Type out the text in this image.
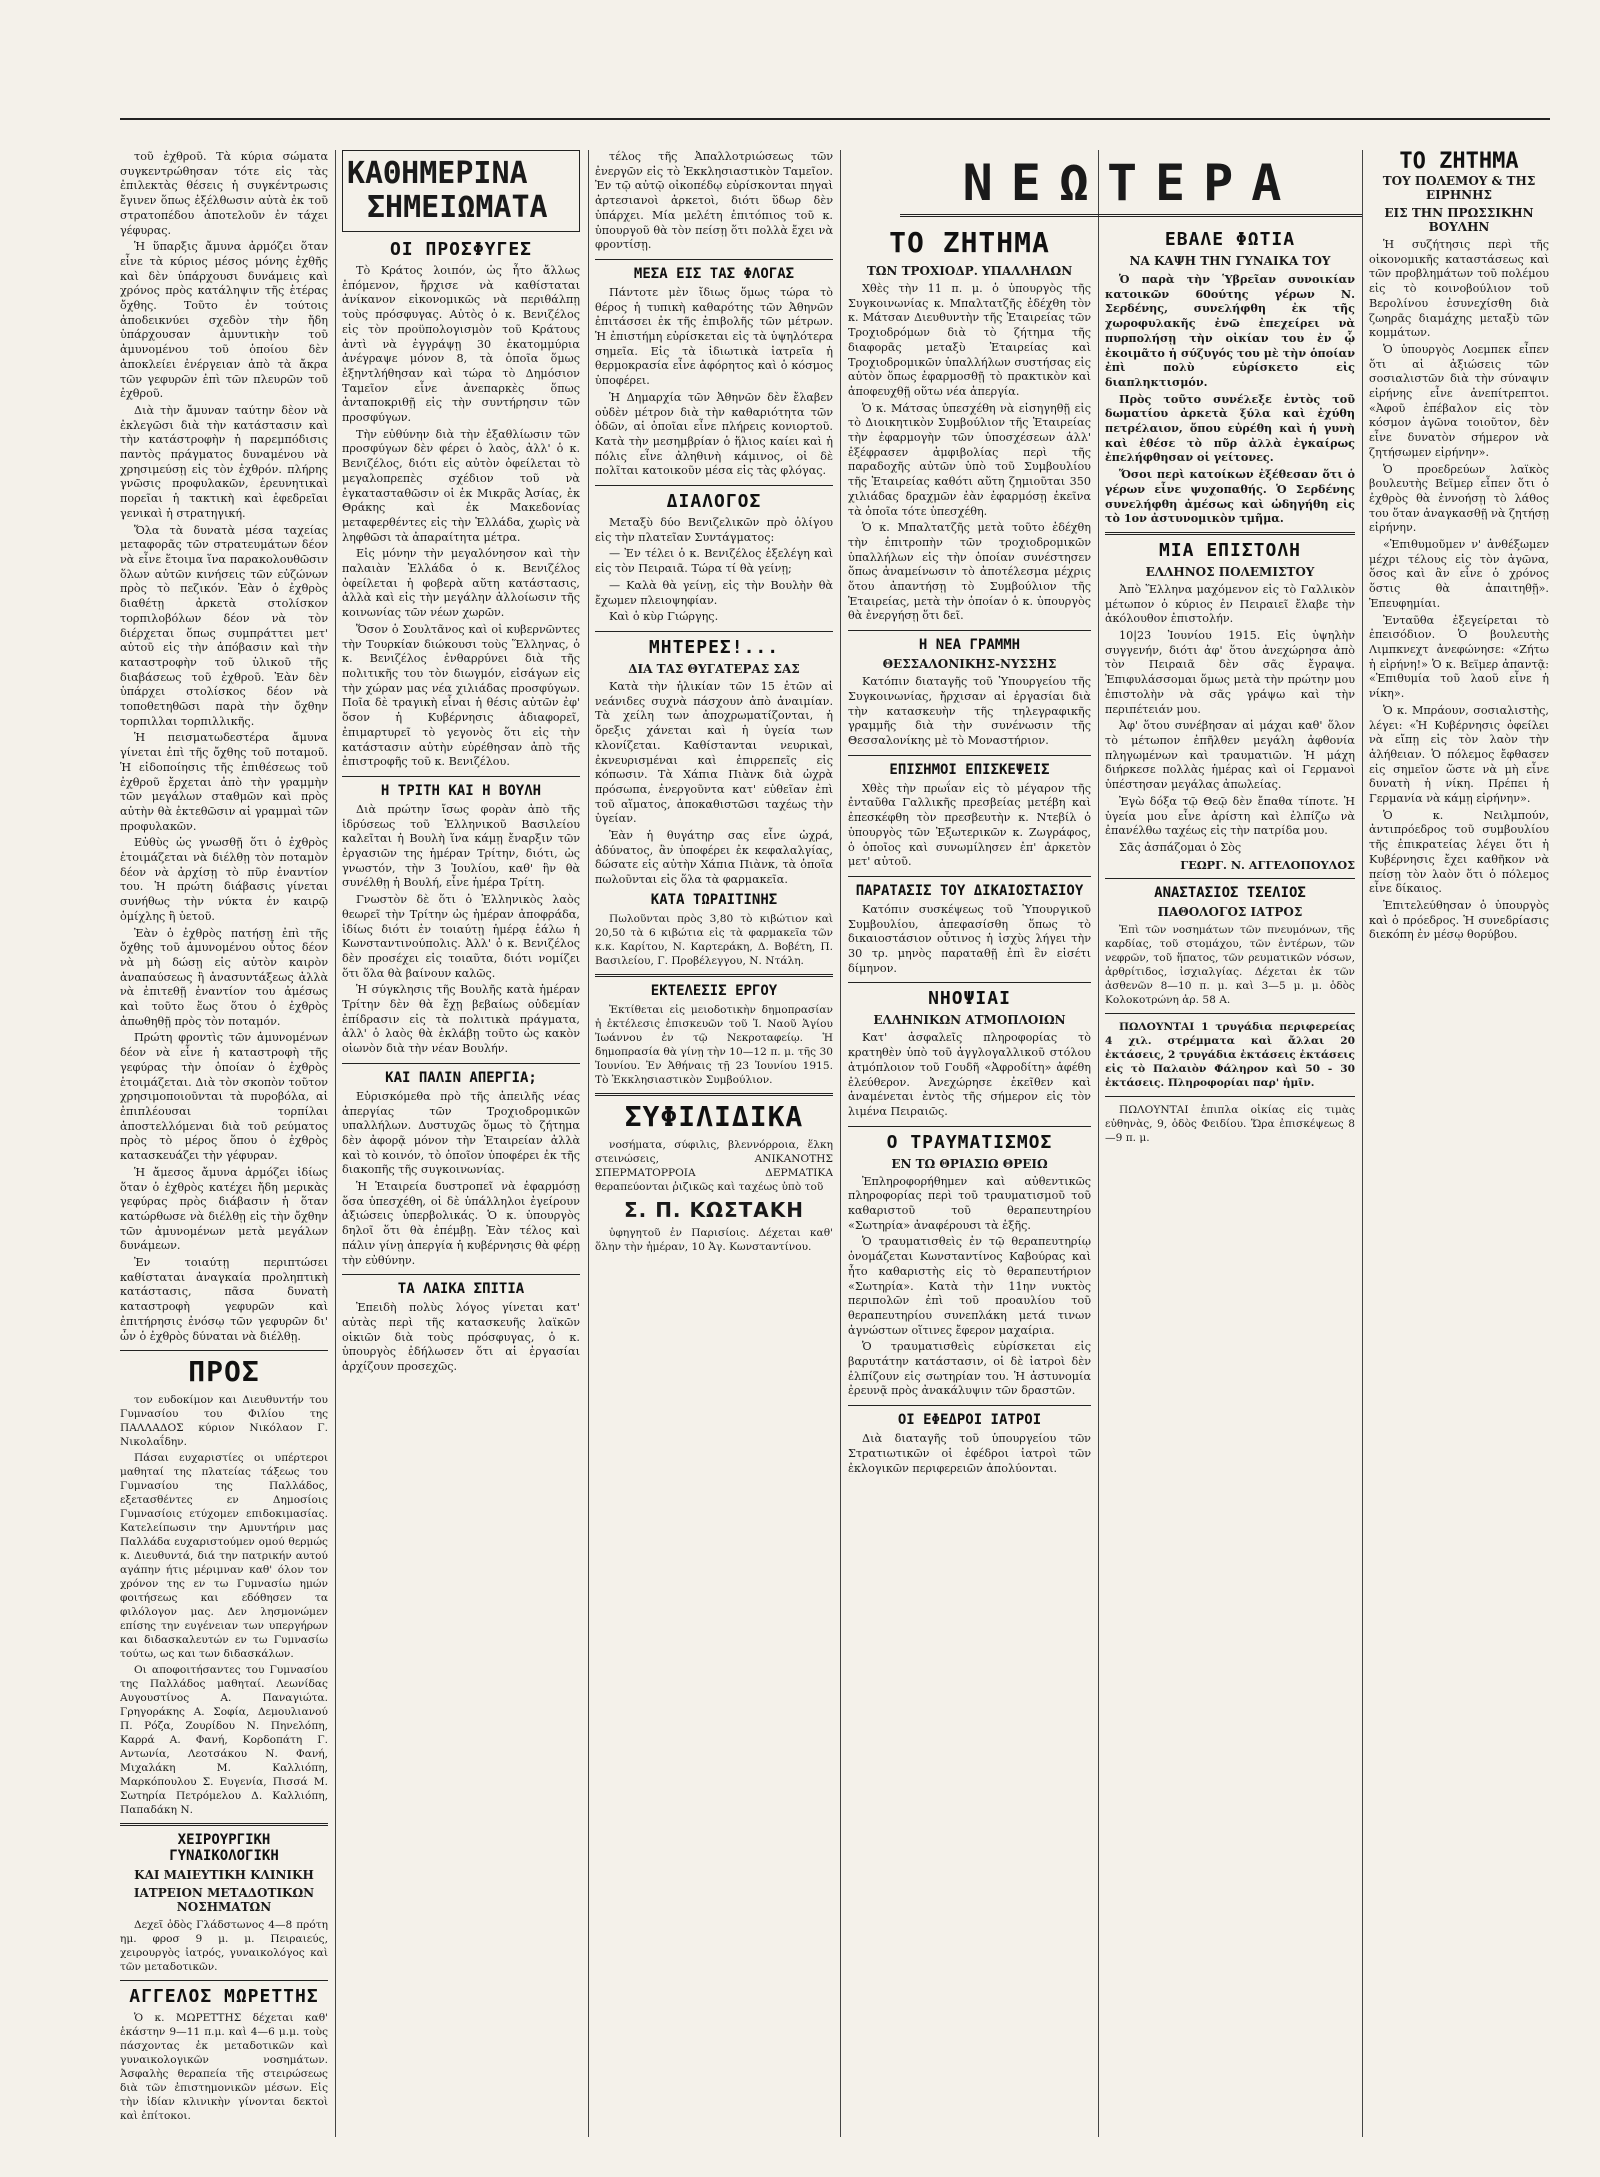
τοῦ ἐχθροῦ. Τὰ κύρια σώματα συγκεντρώθησαν τότε εἰς τὰς ἐπιλεκτὰς θέσεις ἡ συγκέντρωσις ἔγινεν ὅπως ἐξέλθωσιν αὐτὰ ἐκ τοῦ στρατοπέδου ἀποτελοῦν ἐν τάχει γέφυρας.

Ἡ ὕπαρξις ἄμυνα ἀρμόζει ὅταν εἶνε τὰ κύριος μέσος μόνης ἐχθῆς καὶ δὲν ὑπάρχουσι δυνάμεις καὶ χρόνος πρὸς κατάληψιν τῆς ἑτέρας ὄχθης. Τοῦτο ἐν τούτοις ἀποδεικνύει σχεδὸν τὴν ἤδη ὑπάρχουσαν ἀμυντικὴν τοῦ ἀμυνομένου τοῦ ὁποίου δὲν ἀποκλείει ἐνέργειαν ἀπὸ τὰ ἄκρα τῶν γεφυρῶν ἐπὶ τῶν πλευρῶν τοῦ ἐχθροῦ.

Διὰ τὴν ἄμυναν ταύτην δὲον νὰ ἐκλεγῶσι διὰ τὴν κατάστασιν καὶ τὴν κατάστροφὴν ἡ παρεμπόδισις παντὸς πράγματος δυναμένου νὰ χρησιμεύσῃ εἰς τὸν ἐχθρόν. πλήρης γνῶσις προφυλακῶν, ἐρευνητικαὶ πορεῖαι ἡ τακτικὴ καὶ ἐφεδρεῖαι γενικαὶ ἡ στρατηγική.

Ὅλα τὰ δυνατὰ μέσα ταχείας μεταφορᾶς τῶν στρατευμάτων δέον νὰ εἶνε ἕτοιμα ἵνα παρακολουθῶσιν ὅλων αὐτῶν κινήσεις τῶν εὐζώνων πρὸς τὸ πεζικόν. Ἐὰν ὁ ἐχθρὸς διαθέτῃ ἀρκετὰ στολίσκον τορπιλοβόλων δέον νὰ τὸν διέρχεται ὅπως συμπράττει μετ' αὐτοῦ εἰς τὴν ἀπόβασιν καὶ τὴν καταστροφὴν τοῦ ὑλικοῦ τῆς διαβάσεως τοῦ ἐχθροῦ. Ἐὰν δὲν ὑπάρχει στολίσκος δέον νὰ τοποθετηθῶσι παρὰ τὴν ὄχθην τορπιλλαι τορπιλλικῆς.

Ἡ πεισματωδεστέρα ἄμυνα γίνεται ἐπὶ τῆς ὄχθης τοῦ ποταμοῦ. Ἡ εἰδοποίησις τῆς ἐπιθέσεως τοῦ ἐχθροῦ ἔρχεται ἀπὸ τὴν γραμμὴν τῶν μεγάλων σταθμῶν καὶ πρὸς αὐτὴν θὰ ἐκτεθῶσιν αἱ γραμμαὶ τῶν προφυλακῶν.

Εὐθὺς ὡς γνωσθῇ ὅτι ὁ ἐχθρὸς ἑτοιμάζεται νὰ διέλθῃ τὸν ποταμὸν δέον νὰ ἀρχίσῃ τὸ πῦρ ἐναντίον του. Ἡ πρώτη διάβασις γίνεται συνήθως τὴν νύκτα ἐν καιρῷ ὁμίχλης ἢ ὑετοῦ.

Ἐὰν ὁ ἐχθρὸς πατήσῃ ἐπὶ τῆς ὄχθης τοῦ ἀμυνομένου οὗτος δέον νὰ μὴ δώσῃ εἰς αὐτὸν καιρὸν ἀναπαύσεως ἢ ἀνασυντάξεως ἀλλὰ νὰ ἐπιτεθῇ ἐναντίον του ἀμέσως καὶ τοῦτο ἕως ὅτου ὁ ἐχθρὸς ἀπωθηθῇ πρὸς τὸν ποταμόν.

Πρώτη φροντὶς τῶν ἀμυνομένων δέον νὰ εἶνε ἡ καταστροφὴ τῆς γεφύρας τὴν ὁποίαν ὁ ἐχθρὸς ἑτοιμάζεται. Διὰ τὸν σκοπὸν τοῦτον χρησιμοποιοῦνται τὰ πυροβόλα, αἱ ἐπιπλέουσαι τορπίλαι ἀποστελλόμεναι διὰ τοῦ ρεύματος πρὸς τὸ μέρος ὅπου ὁ ἐχθρὸς κατασκευάζει τὴν γέφυραν.

Ἡ ἄμεσος ἄμυνα ἀρμόζει ἰδίως ὅταν ὁ ἐχθρὸς κατέχει ἤδη μερικὰς γεφύρας πρὸς διάβασιν ἡ ὅταν κατώρθωσε νὰ διέλθῃ εἰς τὴν ὄχθην τῶν ἀμυνομένων μετὰ μεγάλων δυνάμεων.

Ἐν τοιαύτῃ περιπτώσει καθίσταται ἀναγκαία προληπτικὴ κατάστασις, πᾶσα δυνατὴ καταστροφὴ γεφυρῶν καὶ ἐπιτήρησις ἐνόσῳ τῶν γεφυρῶν δι' ὧν ὁ ἐχθρὸς δύναται νὰ διέλθῃ.

ΠΡΟΣ

τον ευδοκίμον και Διευθυντήν του Γυμνασίου του Φιλίου της ΠΑΛΛΑΔΟΣ κύριον Νικόλαον Γ. Νικολαΐδην.

Πάσαι ευχαριστίες οι υπέρτεροι μαθηταί της πλατείας τάξεως του Γυμνασίου της Παλλάδος, εξετασθέντες εν Δημοσίοις Γυμνασίοις ετύχομεν επιδοκιμασίας. Κατελείπωσιν την Αμυντήριν μας Παλλάδα ευχαριστούμεν ομού θερμώς κ. Διευθυντά, διά την πατρικήν αυτού αγάπην ήτις μέριμναν καθ' όλον τον χρόνον της εν τω Γυμνασίω ημών φοιτήσεως και εδόθησεν τα φιλόλογον μας. Δεν λησμονώμεν επίσης την ευγένειαν των υπεργήρων και διδασκαλευτών εν τω Γυμνασίω τούτω, ως και των διδασκάλων.

Οι αποφοιτήσαντες του Γυμνασίου της Παλλάδος μαθηταί. Λεωνίδας Αυγουστίνος Α. Παναγιώτα. Γρηγοράκης Α. Σοφία, Δεμουλιανού Π. Ρόζα, Ζουρίδου Ν. Πηνελόπη, Καρρά Α. Φανή, Κορδοπάτη Γ. Αντωνία, Λεοτσάκου Ν. Φανή, Μιχαλάκη Μ. Καλλιόπη, Μαρκόπουλου Σ. Ευγενία, Πισσά Μ. Σωτηρία Πετρόμελου Δ. Καλλιόπη, Παπαδάκη Ν.

ΧΕΙΡΟΥΡΓΙΚΗ ΓΥΝΑΙΚΟΛΟΓΙΚΗ
ΚΑΙ ΜΑΙΕΥΤΙΚΗ ΚΛΙΝΙΚΗ
ΙΑΤΡΕΙΟΝ ΜΕΤΑΔΟΤΙΚΩΝ ΝΟΣΗΜΑΤΩΝ

Δεχεῖ ὁδὸς Γλάδστωνος 4—8 πρότη ημ. φροσ 9 μ. μ. Πειραιεύς, χειρουργὸς ἰατρός, γυναικολόγος καὶ τῶν μεταδοτικῶν.

ΑΓΓΕΛΟΣ ΜΩΡΕΤΤΗΣ

Ὁ κ. ΜΩΡΕΤΤΗΣ δέχεται καθ' ἑκάστην 9—11 π.μ. καὶ 4—6 μ.μ. τοὺς πάσχοντας ἐκ μεταδοτικῶν καὶ γυναικολογικῶν νοσημάτων. Ἀσφαλὴς θεραπεία τῆς στειρώσεως διὰ τῶν ἐπιστημονικῶν μέσων. Εἰς τὴν ἰδίαν κλινικὴν γίνονται δεκτοὶ καὶ ἐπίτοκοι.

ΚΑΘΗΜΕΡΙΝΑ
ΣΗΜΕΙΩΜΑΤΑ
ΟΙ ΠΡΟΣΦΥΓΕΣ

Τὸ Κράτος λοιπόν, ὡς ἦτο ἄλλως ἑπόμενον, ἤρχισε νὰ καθίσταται ἀνίκανον εἰκονομικῶς νὰ περιθάλπῃ τοὺς πρόσφυγας. Αὐτὸς ὁ κ. Βενιζέλος εἰς τὸν προϋπολογισμὸν τοῦ Κράτους ἀντὶ νὰ ἐγγράψῃ 30 ἑκατομμύρια ἀνέγραψε μόνον 8, τὰ ὁποῖα ὅμως ἐξηντλήθησαν καὶ τώρα τὸ Δημόσιον Ταμεῖον εἶνε ἀνεπαρκὲς ὅπως ἀνταποκριθῇ εἰς τὴν συντήρησιν τῶν προσφύγων.

Τὴν εὐθύνην διὰ τὴν ἐξαθλίωσιν τῶν προσφύγων δὲν φέρει ὁ λαὸς, ἀλλ' ὁ κ. Βενιζέλος, διότι εἰς αὐτὸν ὀφείλεται τὸ μεγαλοπρεπὲς σχέδιον τοῦ νὰ ἐγκατασταθῶσιν οἱ ἐκ Μικρᾶς Ἀσίας, ἐκ Θράκης καὶ ἐκ Μακεδονίας μεταφερθέντες εἰς τὴν Ἑλλάδα, χωρὶς νὰ ληφθῶσι τὰ ἀπαραίτητα μέτρα.

Εἰς μόνην τὴν μεγαλόνησον καὶ τὴν παλαιὰν Ἑλλάδα ὁ κ. Βενιζέλος ὀφείλεται ἡ φοβερὰ αὕτη κατάστασις, ἀλλὰ καὶ εἰς τὴν μεγάλην ἀλλοίωσιν τῆς κοινωνίας τῶν νέων χωρῶν.

Ὅσον ὁ Σουλτᾶνος καὶ οἱ κυβερνῶντες τὴν Τουρκίαν διώκουσι τοὺς Ἕλληνας, ὁ κ. Βενιζέλος ἐνθαρρύνει διὰ τῆς πολιτικῆς του τὸν διωγμόν, εἰσάγων εἰς τὴν χώραν μας νέα χιλιάδας προσφύγων. Ποῖα δὲ τραγικὴ εἶναι ἡ θέσις αὐτῶν ἐφ' ὅσον ἡ Κυβέρνησις ἀδιαφορεῖ, ἐπιμαρτυρεῖ τὸ γεγονὸς ὅτι εἰς τὴν κατάστασιν αὐτὴν εὑρέθησαν ἀπὸ τῆς ἐπιστροφῆς τοῦ κ. Βενιζέλου.

Η ΤΡΙΤΗ ΚΑΙ Η ΒΟΥΛΗ

Διὰ πρώτην ἴσως φορὰν ἀπὸ τῆς ἱδρύσεως τοῦ Ἑλληνικοῦ Βασιλείου καλεῖται ἡ Βουλὴ ἵνα κάμῃ ἔναρξιν τῶν ἐργασιῶν της ἡμέραν Τρίτην, διότι, ὡς γνωστόν, τὴν 3 Ἰουλίου, καθ' ἣν θὰ συνέλθῃ ἡ Βουλή, εἶνε ἡμέρα Τρίτη.

Γνωστὸν δὲ ὅτι ὁ Ἑλληνικὸς λαὸς θεωρεῖ τὴν Τρίτην ὡς ἡμέραν ἀποφράδα, ἰδίως διότι ἐν τοιαύτῃ ἡμέρᾳ ἑάλω ἡ Κωνσταντινούπολις. Ἀλλ' ὁ κ. Βενιζέλος δὲν προσέχει εἰς τοιαῦτα, διότι νομίζει ὅτι ὅλα θὰ βαίνουν καλῶς.

Ἡ σύγκλησις τῆς Βουλῆς κατὰ ἡμέραν Τρίτην δὲν θὰ ἔχῃ βεβαίως οὐδεμίαν ἐπίδρασιν εἰς τὰ πολιτικὰ πράγματα, ἀλλ' ὁ λαὸς θὰ ἐκλάβῃ τοῦτο ὡς κακὸν οἰωνὸν διὰ τὴν νέαν Βουλήν.

ΚΑΙ ΠΑΛΙΝ ΑΠΕΡΓΙΑ;

Εὑρισκόμεθα πρὸ τῆς ἀπειλῆς νέας ἀπεργίας τῶν Τροχιοδρομικῶν υπαλλήλων. Δυστυχῶς ὅμως τὸ ζήτημα δὲν ἀφορᾷ μόνον τὴν Ἑταιρείαν ἀλλὰ καὶ τὸ κοινόν, τὸ ὁποῖον ὑποφέρει ἐκ τῆς διακοπῆς τῆς συγκοινωνίας.

Ἡ Ἑταιρεία δυστροπεῖ νὰ ἐφαρμόσῃ ὅσα ὑπεσχέθη, οἱ δὲ ὑπάλληλοι ἐγείρουν ἀξιώσεις ὑπερβολικάς. Ὁ κ. ὑπουργὸς δηλοῖ ὅτι θὰ ἐπέμβῃ. Ἐὰν τέλος καὶ πάλιν γίνῃ ἀπεργία ἡ κυβέρνησις θὰ φέρῃ τὴν εὐθύνην.

ΤΑ ΛΑΙΚΑ ΣΠΙΤΙΑ

Ἐπειδὴ πολὺς λόγος γίνεται κατ' αὐτὰς περὶ τῆς κατασκευῆς λαϊκῶν οἰκιῶν διὰ τοὺς πρόσφυγας, ὁ κ. ὑπουργὸς ἐδήλωσεν ὅτι αἱ ἐργασίαι ἀρχίζουν προσεχῶς.

τέλος τῆς Ἀπαλλοτριώσεως τῶν ἐνεργῶν εἰς τὸ Ἐκκλησιαστικὸν Ταμεῖον. Ἐν τῷ αὐτῷ οἰκοπέδῳ εὑρίσκονται πηγαὶ ἀρτεσιανοὶ ἀρκετοὶ, διότι ὕδωρ δὲν ὑπάρχει. Μία μελέτη ἐπιτόπιος τοῦ κ. ὑπουργοῦ θὰ τὸν πείσῃ ὅτι πολλὰ ἔχει νὰ φροντίσῃ.

ΜΕΣΑ ΕΙΣ ΤΑΣ ΦΛΟΓΑΣ

Πάντοτε μὲν ἴδιως ὅμως τώρα τὸ θέρος ἡ τυπικὴ καθαρότης τῶν Ἀθηνῶν ἐπιτάσσει ἐκ τῆς ἐπιβολῆς τῶν μέτρων. Ἡ ἐπιστήμη εὑρίσκεται εἰς τὰ ὑψηλότερα σημεῖα. Εἰς τὰ ἰδιωτικὰ ἰατρεῖα ἡ θερμοκρασία εἶνε ἀφόρητος καὶ ὁ κόσμος ὑποφέρει.

Ἡ Δημαρχία τῶν Ἀθηνῶν δὲν ἔλαβεν οὐδὲν μέτρον διὰ τὴν καθαριότητα τῶν ὁδῶν, αἱ ὁποῖαι εἶνε πλήρεις κονιορτοῦ. Κατὰ τὴν μεσημβρίαν ὁ ἥλιος καίει καὶ ἡ πόλις εἶνε ἀληθινὴ κάμινος, οἱ δὲ πολῖται κατοικοῦν μέσα εἰς τὰς φλόγας.

ΔΙΑΛΟΓΟΣ

Μεταξὺ δύο Βενιζελικῶν πρὸ ὀλίγου εἰς τὴν πλατεῖαν Συντάγματος:

— Ἐν τέλει ὁ κ. Βενιζέλος ἐξελέγη καὶ εἰς τὸν Πειραιᾶ. Τώρα τί θὰ γείνῃ;

— Καλὰ θὰ γείνῃ, εἰς τὴν Βουλὴν θὰ ἔχωμεν πλειοψηφίαν.

Καὶ ὁ κὺρ Γιώργης.

ΜΗΤΕΡΕΣ!...
ΔΙΑ ΤΑΣ ΘΥΓΑΤΕΡΑΣ ΣΑΣ

Κατὰ τὴν ἡλικίαν τῶν 15 ἐτῶν αἱ νεάνιδες συχνὰ πάσχουν ἀπὸ ἀναιμίαν. Τὰ χείλη των ἀποχρωματίζονται, ἡ ὄρεξις χάνεται καὶ ἡ ὑγεία των κλονίζεται. Καθίστανται νευρικαὶ, ἐκνευρισμέναι καὶ ἐπιρρεπεῖς εἰς κόπωσιν. Τὰ Χάπια Πιὰνκ διὰ ὠχρὰ πρόσωπα, ἐνεργοῦντα κατ' εὐθεῖαν ἐπὶ τοῦ αἵματος, ἀποκαθιστῶσι ταχέως τὴν ὑγείαν.

Ἐὰν ἡ θυγάτηρ σας εἶνε ὠχρά, ἀδύνατος, ἂν ὑποφέρει ἐκ κεφαλαλγίας, δώσατε εἰς αὐτὴν Χάπια Πιὰνκ, τὰ ὁποῖα πωλοῦνται εἰς ὅλα τὰ φαρμακεῖα.

ΚΑΤΑ ΤΩΡΑΙΤΙΝΗΣ

Πωλοῦνται πρὸς 3,80 τὸ κιβώτιον καὶ 20,50 τὰ 6 κιβώτια εἰς τὰ φαρμακεῖα τῶν κ.κ. Καρίτου, Ν. Καρτεράκη, Δ. Βοβέτη, Π. Βασιλείου, Γ. Προβέλεγγου, Ν. Ντάλη.

ΕΚΤΕΛΕΣΙΣ ΕΡΓΟΥ

Ἐκτίθεται εἰς μειοδοτικὴν δημοπρασίαν ἡ ἐκτέλεσις ἐπισκευῶν τοῦ Ἱ. Ναοῦ Ἁγίου Ἰωάννου ἐν τῷ Νεκροταφείῳ. Ἡ δημοπρασία θὰ γίνῃ τὴν 10—12 π. μ. τῆς 30 Ἰουνίου. Ἐν Ἀθήναις τῇ 23 Ἰουνίου 1915. Τὸ Ἐκκλησιαστικὸν Συμβούλιον.

ΣΥΦΙΛΙΔΙΚΑ

νοσήματα, σύφιλις, βλεννόρροια, ἕλκη στεινώσεις, ΑΝΙΚΑΝΟΤΗΣ ΣΠΕΡΜΑΤΟΡΡΟΙΑ ΔΕΡΜΑΤΙΚΑ θεραπεύονται ῥιζικῶς καὶ ταχέως ὑπὸ τοῦ

Σ. Π. ΚΩΣΤΑΚΗ

ὑφηγητοῦ ἐν Παρισίοις. Δέχεται καθ' ὅλην τὴν ἡμέραν, 10 Ἀγ. Κωνσταντίνου.

ΝΕΩΤΕΡΑ
ΤΟ ΖΗΤΗΜΑ
ΤΩΝ ΤΡΟΧΙΟΔΡ. ΥΠΑΛΛΗΛΩΝ

Χθὲς τὴν 11 π. μ. ὁ ὑπουργὸς τῆς Συγκοινωνίας κ. Μπαλτατζῆς ἐδέχθη τὸν κ. Μάτσαν Διευθυντὴν τῆς Ἑταιρείας τῶν Τροχιοδρόμων διὰ τὸ ζήτημα τῆς διαφορᾶς μεταξὺ Ἑταιρείας καὶ Τροχιοδρομικῶν ὑπαλλήλων συστήσας εἰς αὐτὸν ὅπως ἐφαρμοσθῇ τὸ πρακτικὸν καὶ ἀποφευχθῇ οὕτω νέα ἀπεργία.

Ὁ κ. Μάτσας ὑπεσχέθη νὰ εἰσηγηθῇ εἰς τὸ Διοικητικὸν Συμβούλιον τῆς Ἑταιρείας τὴν ἐφαρμογὴν τῶν ὑποσχέσεων ἀλλ' ἐξέφρασεν ἀμφιβολίας περὶ τῆς παραδοχῆς αὐτῶν ὑπὸ τοῦ Συμβουλίου τῆς Ἑταιρείας καθότι αὕτη ζημιοῦται 350 χιλιάδας δραχμῶν ἐὰν ἐφαρμόσῃ ἐκεῖνα τὰ ὁποῖα τότε ὑπεσχέθη.

Ὁ κ. Μπαλτατζῆς μετὰ τοῦτο ἐδέχθη τὴν ἐπιτροπὴν τῶν τροχιοδρομικῶν ὑπαλλήλων εἰς τὴν ὁποίαν συνέστησεν ὅπως ἀναμείνωσιν τὸ ἀποτέλεσμα μέχρις ὅτου ἀπαντήσῃ τὸ Συμβούλιον τῆς Ἑταιρείας, μετὰ τὴν ὁποίαν ὁ κ. ὑπουργὸς θὰ ἐνεργήσῃ ὅτι δεῖ.

Η ΝΕΑ ΓΡΑΜΜΗ
ΘΕΣΣΑΛΟΝΙΚΗΣ-ΝΥΣΣΗΣ

Κατόπιν διαταγῆς τοῦ Ὑπουργείου τῆς Συγκοινωνίας, ἤρχισαν αἱ ἐργασίαι διὰ τὴν κατασκευὴν τῆς τηλεγραφικῆς γραμμῆς διὰ τὴν συνένωσιν τῆς Θεσσαλονίκης μὲ τὸ Μοναστήριον.

ΕΠΙΣΗΜΟΙ ΕΠΙΣΚΕΨΕΙΣ

Χθὲς τὴν πρωΐαν εἰς τὸ μέγαρον τῆς ἐνταῦθα Γαλλικῆς πρεσβείας μετέβη καὶ ἐπεσκέφθη τὸν πρεσβευτὴν κ. Ντεβίλ ὁ ὑπουργὸς τῶν Ἐξωτερικῶν κ. Ζωγράφος, ὁ ὁποῖος καὶ συνωμίλησεν ἐπ' ἀρκετὸν μετ' αὐτοῦ.

ΠΑΡΑΤΑΣΙΣ ΤΟΥ ΔΙΚΑΙΟΣΤΑΣΙΟΥ

Κατόπιν συσκέψεως τοῦ Ὑπουργικοῦ Συμβουλίου, ἀπεφασίσθη ὅπως τὸ δικαιοστάσιον οὗτινος ἡ ἰσχὺς λήγει τὴν 30 τρ. μηνὸς παραταθῇ ἐπὶ ἓν εἰσέτι δίμηνον.

ΝΗΟΨΙΑΙ
ΕΛΛΗΝΙΚΩΝ ΑΤΜΟΠΛΟΙΩΝ

Κατ' ἀσφαλεῖς πληροφορίας τὸ κρατηθὲν ὑπὸ τοῦ ἀγγλογαλλικοῦ στόλου ἀτμόπλοιον τοῦ Γουδῆ «Ἀφροδίτη» ἀφέθη ἐλεύθερον. Ἀνεχώρησε ἐκεῖθεν καὶ ἀναμένεται ἐντὸς τῆς σήμερον εἰς τὸν λιμένα Πειραιῶς.

Ο ΤΡΑΥΜΑΤΙΣΜΟΣ
ΕΝ ΤΩ ΘΡΙΑΣΙΩ ΘΡΕΙΩ

Ἐπληροφορήθημεν καὶ αὐθεντικῶς πληροφορίας περὶ τοῦ τραυματισμοῦ τοῦ καθαριστοῦ τοῦ θεραπευτηρίου «Σωτηρία» ἀναφέρουσι τὰ ἑξῆς.

Ὁ τραυματισθεὶς ἐν τῷ θεραπευτηρίῳ ὀνομάζεται Κωνσταντίνος Καβούρας καὶ ἦτο καθαριστὴς εἰς τὸ θεραπευτήριον «Σωτηρία». Κατὰ τὴν 11ην νυκτὸς περιπολῶν ἐπὶ τοῦ προαυλίου τοῦ θεραπευτηρίου συνεπλάκη μετά τινων ἀγνώστων οἵτινες ἔφερον μαχαίρια.

Ὁ τραυματισθεὶς εὑρίσκεται εἰς βαρυτάτην κατάστασιν, οἱ δὲ ἰατροὶ δὲν ἐλπίζουν εἰς σωτηρίαν του. Ἡ ἀστυνομία ἐρευνᾷ πρὸς ἀνακάλυψιν τῶν δραστῶν.

ΟΙ ΕΦΕΔΡΟΙ ΙΑΤΡΟΙ

Διὰ διαταγῆς τοῦ ὑπουργείου τῶν Στρατιωτικῶν οἱ ἐφέδροι ἰατροὶ τῶν ἐκλογικῶν περιφερειῶν ἀπολύονται.

ΕΒΑΛΕ ΦΩΤΙΑ
ΝΑ ΚΑΨΗ ΤΗΝ ΓΥΝΑΙΚΑ ΤΟΥ

Ὁ παρὰ τὴν Ὑβρεῖαν συνοικίαν κατοικῶν 60ούτης γέρων Ν. Σερδένης, συνελήφθη ἐκ τῆς χωροφυλακῆς ἐνῶ ἐπεχείρει νὰ πυρπολήσῃ τὴν οἰκίαν του ἐν ᾧ ἐκοιμᾶτο ἡ σύζυγός του μὲ τὴν ὁποίαν ἐπὶ πολὺ εὑρίσκετο εἰς διαπληκτισμόν.

Πρὸς τοῦτο συνέλεξε ἐντὸς τοῦ δωματίου ἀρκετὰ ξύλα καὶ ἐχύθη πετρέλαιον, ὅπου εὑρέθη καὶ ἡ γυνὴ καὶ ἐθέσε τὸ πῦρ ἀλλὰ ἐγκαίρως ἐπελήφθησαν οἱ γείτονες.

Ὅσοι περὶ κατοίκων ἐξέθεσαν ὅτι ὁ γέρων εἶνε ψυχοπαθής. Ὁ Σερδένης συνελήφθη ἀμέσως καὶ ὡδηγήθη εἰς τὸ 1ον ἀστυνομικὸν τμῆμα.

ΜΙΑ ΕΠΙΣΤΟΛΗ
ΕΛΛΗΝΟΣ ΠΟΛΕΜΙΣΤΟΥ

Ἀπὸ Ἕλληνα μαχόμενον εἰς τὸ Γαλλικὸν μέτωπον ὁ κύριος ἐν Πειραιεῖ ἔλαβε τὴν ἀκόλουθον ἐπιστολήν.

10|23 Ἰουνίου 1915. Εἰς ὑψηλὴν συγγενήν, διότι ἀφ' ὅτου ἀνεχώρησα ἀπὸ τὸν Πειραιᾶ δὲν σᾶς ἔγραψα. Ἐπιφυλάσσομαι ὅμως μετὰ τὴν πρώτην μου ἐπιστολὴν νὰ σᾶς γράψω καὶ τὴν περιπέτειάν μου.

Ἀφ' ὅτου συνέβησαν αἱ μάχαι καθ' ὅλον τὸ μέτωπον ἐπῆλθεν μεγάλη ἀφθονία πληγωμένων καὶ τραυματιῶν. Ἡ μάχη διήρκεσε πολλὰς ἡμέρας καὶ οἱ Γερμανοὶ ὑπέστησαν μεγάλας ἀπωλείας.

Ἐγὼ δόξα τῷ Θεῷ δὲν ἔπαθα τίποτε. Ἡ ὑγεία μου εἶνε ἀρίστη καὶ ἐλπίζω νὰ ἐπανέλθω ταχέως εἰς τὴν πατρίδα μου.

Σᾶς ἀσπάζομαι ὁ Σὸς

ΓΕΩΡΓ. Ν. ΑΓΓΕΛΟΠΟΥΛΟΣ

ΑΝΑΣΤΑΣΙΟΣ ΤΣΕΛΙΟΣ
ΠΑΘΟΛΟΓΟΣ ΙΑΤΡΟΣ

Ἐπὶ τῶν νοσημάτων τῶν πνευμόνων, τῆς καρδίας, τοῦ στομάχου, τῶν ἐντέρων, τῶν νεφρῶν, τοῦ ἥπατος, τῶν ρευματικῶν νόσων, ἀρθρίτιδος, ἰσχιαλγίας. Δέχεται ἐκ τῶν ἀσθενῶν 8—10 π. μ. καὶ 3—5 μ. μ. ὁδὸς Κολοκοτρώνη ἀρ. 58 Α.

ΠΩΛΟΥΝΤΑΙ 1 τρυγάδια περιφερείας 4 χιλ. στρέμματα καὶ ἄλλαι 20 ἐκτάσεις, 2 τρυγάδια ἐκτάσεις ἐκτάσεις εἰς τὸ Παλαιὸν Φάληρον καὶ 50 - 30 ἐκτάσεις. Πληροφορίαι παρ' ἡμῖν.

ΠΩΛΟΥΝΤΑΙ ἐπιπλα οἰκίας εἰς τιμὰς εὐθηνὰς, 9, ὁδὸς Φειδίου. Ὥρα ἐπισκέψεως 8—9 π. μ.

ΤΟ ΖΗΤΗΜΑ
ΤΟΥ ΠΟΛΕΜΟΥ & ΤΗΣ ΕΙΡΗΝΗΣ
ΕΙΣ ΤΗΝ ΠΡΩΣΣΙΚΗΝ ΒΟΥΛΗΝ

Ἡ συζήτησις περὶ τῆς οἰκονομικῆς καταστάσεως καὶ τῶν προβλημάτων τοῦ πολέμου εἰς τὸ κοινοβούλιον τοῦ Βερολίνου ἐσυνεχίσθη διὰ ζωηρᾶς διαμάχης μεταξὺ τῶν κομμάτων.

Ὁ ὑπουργὸς Λοεμπεκ εἶπεν ὅτι αἱ ἀξιώσεις τῶν σοσιαλιστῶν διὰ τὴν σύναψιν εἰρήνης εἶνε ἀνεπίτρεπτοι. «Ἀφοῦ ἐπέβαλον εἰς τὸν κόσμον ἀγῶνα τοιοῦτον, δὲν εἶνε δυνατὸν σήμερον νὰ ζητήσωμεν εἰρήνην».

Ὁ προεδρεύων λαϊκὸς βουλευτὴς Βεϊμερ εἶπεν ὅτι ὁ ἐχθρὸς θὰ ἐννοήσῃ τὸ λάθος του ὅταν ἀναγκασθῇ νὰ ζητήσῃ εἰρήνην.

«Ἐπιθυμοῦμεν ν' ἀνθέξωμεν μέχρι τέλους εἰς τὸν ἀγῶνα, ὅσος καὶ ἂν εἶνε ὁ χρόνος ὅστις θὰ ἀπαιτηθῇ». Ἐπευφημίαι.

Ἐνταῦθα ἐξεγείρεται τὸ ἐπεισόδιον. Ὁ βουλευτὴς Λιμπκνεχτ ἀνεφώνησε: «Ζήτω ἡ εἰρήνη!» Ὁ κ. Βεϊμερ ἀπαντᾷ: «Ἐπιθυμία τοῦ λαοῦ εἶνε ἡ νίκη».

Ὁ κ. Μπράουν, σοσιαλιστὴς, λέγει: «Ἡ Κυβέρνησις ὀφείλει νὰ εἴπῃ εἰς τὸν λαὸν τὴν ἀλήθειαν. Ὁ πόλεμος ἔφθασεν εἰς σημεῖον ὥστε νὰ μὴ εἶνε δυνατὴ ἡ νίκη. Πρέπει ἡ Γερμανία νὰ κάμῃ εἰρήνην».

Ὁ κ. Νειλμπούν, ἀντιπρόεδρος τοῦ συμβουλίου τῆς ἐπικρατείας λέγει ὅτι ἡ Κυβέρνησις ἔχει καθῆκον νὰ πείσῃ τὸν λαὸν ὅτι ὁ πόλεμος εἶνε δίκαιος.

Ἐπιτελεύθησαν ὁ ὑπουργὸς καὶ ὁ πρόεδρος. Ἡ συνεδρίασις διεκόπη ἐν μέσῳ θορύβου.
